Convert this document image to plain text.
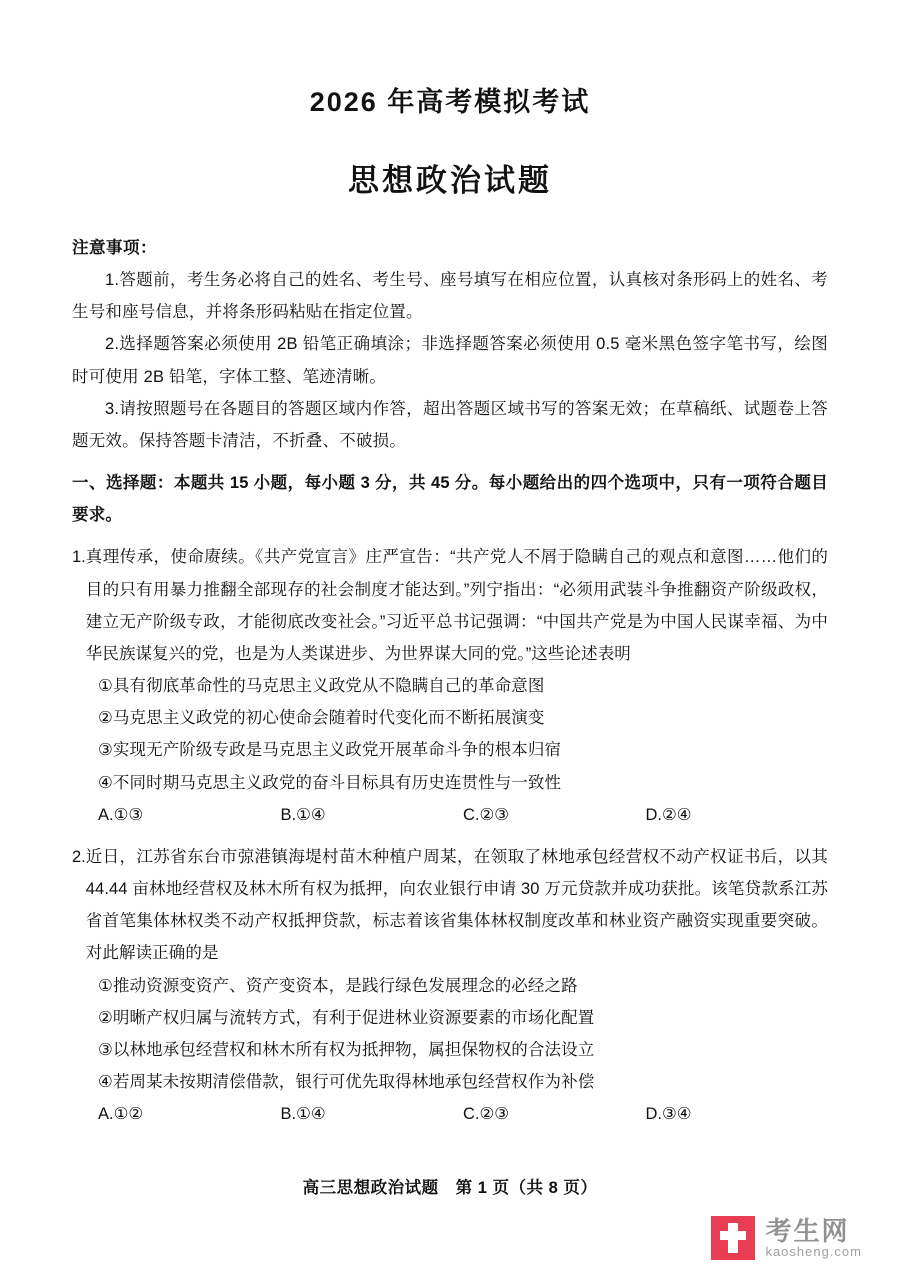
2026 年高考模拟考试
思想政治试题
注意事项：

1.答题前，考生务必将自己的姓名、考生号、座号填写在相应位置，认真核对条形码上的姓名、考生号和座号信息，并将条形码粘贴在指定位置。

2.选择题答案必须使用 2B 铅笔正确填涂；非选择题答案必须使用 0.5 毫米黑色签字笔书写，绘图时可使用 2B 铅笔，字体工整、笔迹清晰。

3.请按照题号在各题目的答题区域内作答，超出答题区域书写的答案无效；在草稿纸、试题卷上答题无效。保持答题卡清洁，不折叠、不破损。

一、选择题：本题共 15 小题，每小题 3 分，共 45 分。每小题给出的四个选项中，只有一项符合题目要求。
1. 真理传承，使命赓续。《共产党宣言》庄严宣告：“共产党人不屑于隐瞒自己的观点和意图……他们的目的只有用暴力推翻全部现存的社会制度才能达到。”列宁指出：“必须用武装斗争推翻资产阶级政权，建立无产阶级专政，才能彻底改变社会。”习近平总书记强调：“中国共产党是为中国人民谋幸福、为中华民族谋复兴的党，也是为人类谋进步、为世界谋大同的党。”这些论述表明
①具有彻底革命性的马克思主义政党从不隐瞒自己的革命意图
②马克思主义政党的初心使命会随着时代变化而不断拓展演变
③实现无产阶级专政是马克思主义政党开展革命斗争的根本归宿
④不同时期马克思主义政党的奋斗目标具有历史连贯性与一致性
A.①③	B.①④	C.②③	D.②④
2. 近日，江苏省东台市弶港镇海堤村苗木种植户周某，在领取了林地承包经营权不动产权证书后，以其 44.44 亩林地经营权及林木所有权为抵押，向农业银行申请 30 万元贷款并成功获批。该笔贷款系江苏省首笔集体林权类不动产权抵押贷款，标志着该省集体林权制度改革和林业资产融资实现重要突破。对此解读正确的是
①推动资源变资产、资产变资本，是践行绿色发展理念的必经之路
②明晰产权归属与流转方式，有利于促进林业资源要素的市场化配置
③以林地承包经营权和林木所有权为抵押物，属担保物权的合法设立
④若周某未按期清偿借款，银行可优先取得林地承包经营权作为补偿
A.①②	B.①④	C.②③	D.③④
高三思想政治试题　第 1 页（共 8 页）
考生网
kaosheng.com
